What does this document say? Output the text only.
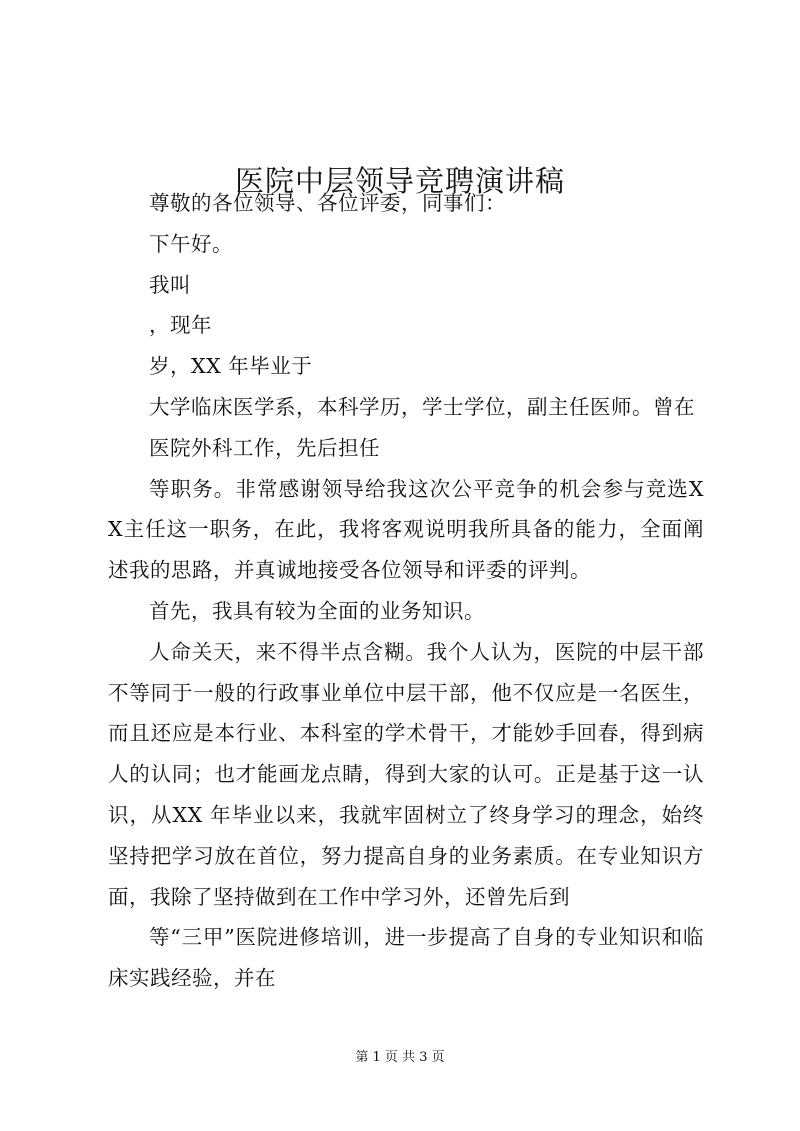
医院中层领导竞聘演讲稿

尊敬的各位领导、各位评委，同事们：

下午好。

我叫

，现年

岁，XX 年毕业于

大学临床医学系，本科学历，学士学位，副主任医师。曾在

医院外科工作，先后担任

等职务。非常感谢领导给我这次公平竞争的机会参与竞选XX主任这一职务，在此，我将客观说明我所具备的能力，全面阐述我的思路，并真诚地接受各位领导和评委的评判。

首先，我具有较为全面的业务知识。

人命关天，来不得半点含糊。我个人认为，医院的中层干部不等同于一般的行政事业单位中层干部，他不仅应是一名医生，而且还应是本行业、本科室的学术骨干，才能妙手回春，得到病人的认同；也才能画龙点睛，得到大家的认可。正是基于这一认识，从XX 年毕业以来，我就牢固树立了终身学习的理念，始终坚持把学习放在首位，努力提高自身的业务素质。在专业知识方面，我除了坚持做到在工作中学习外，还曾先后到

等“三甲”医院进修培训，进一步提高了自身的专业知识和临床实践经验，并在

第 1 页 共 3 页
